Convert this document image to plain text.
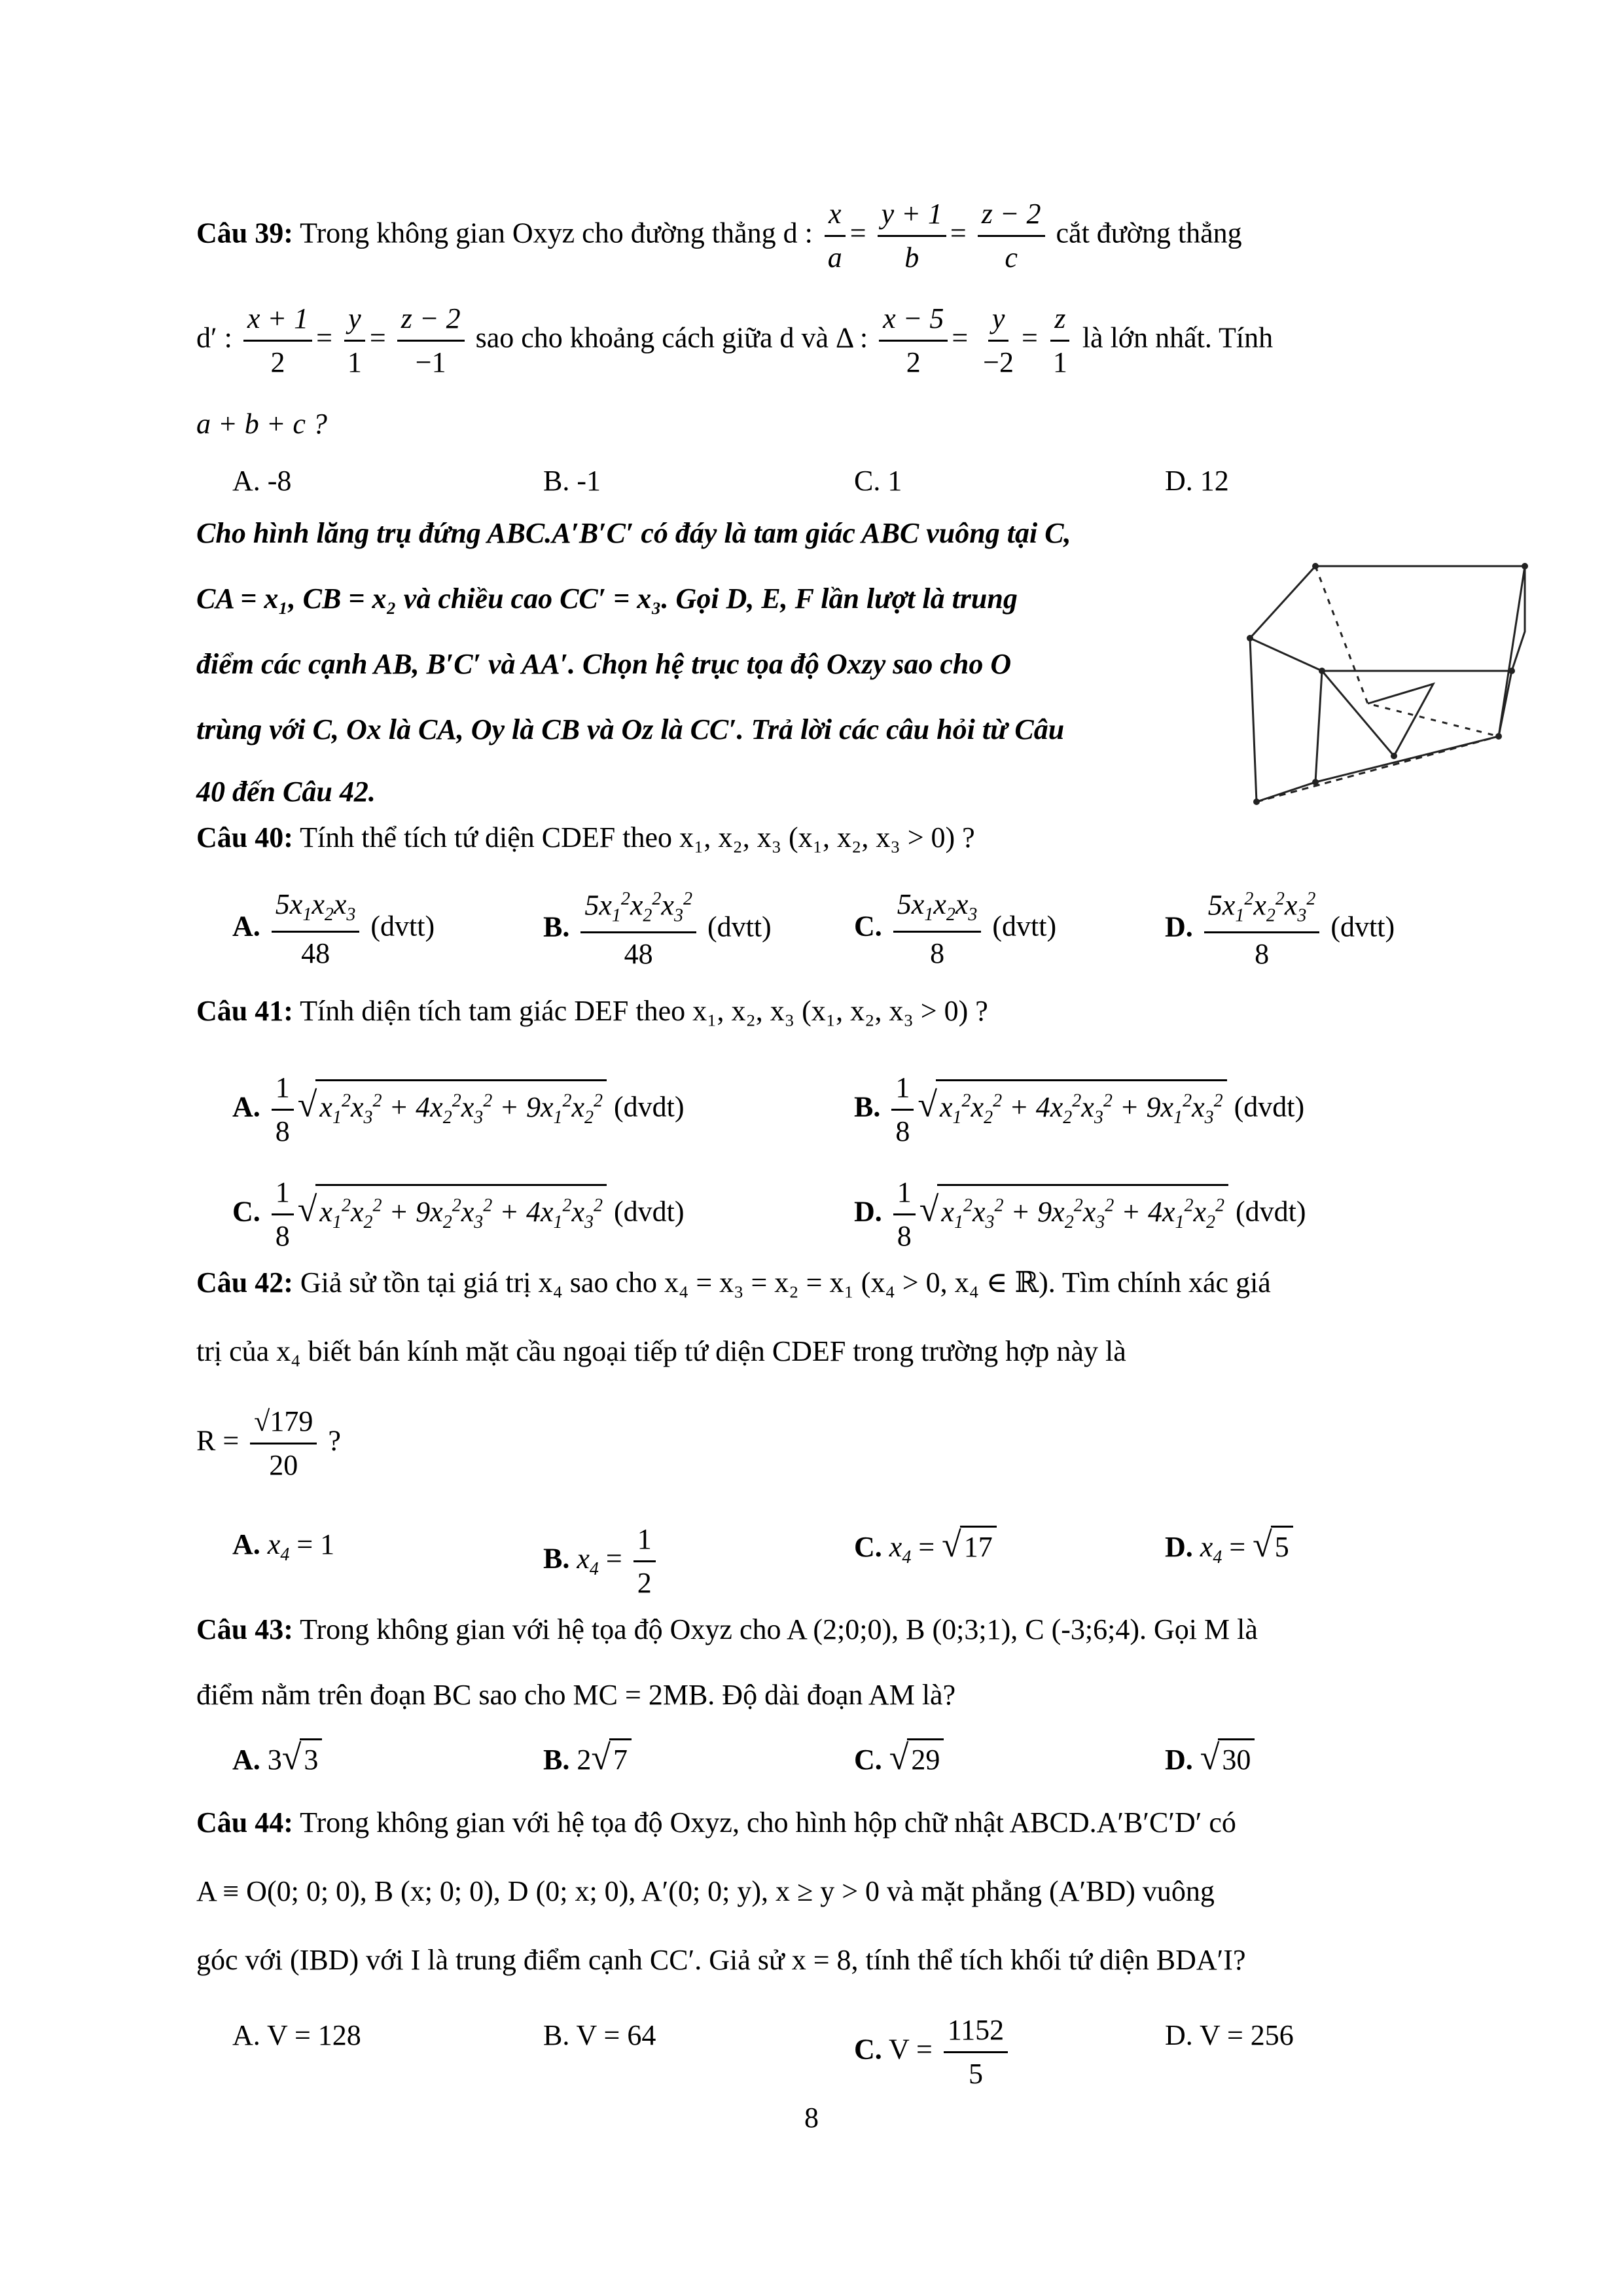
Câu 39: Trong không gian Oxyz cho đường thẳng d : $\frac{x}{a} = \frac{y + 1}{b} = \frac{z - 2}{c}$ cắt đường thẳng
d′ : $\frac{x + 1}{2} = \frac{y}{1} = \frac{z - 2}{-1}$ sao cho khoảng cách giữa d và Δ : $\frac{x - 5}{2} = \frac{y}{-2} = \frac{z}{1}$ là lớn nhất. Tính
a + b + c ?
A. -8	B. -1	C. 1	D. 12
Cho hình lăng trụ đứng ABC.A′B′C′ có đáy là tam giác ABC vuông tại C,
CA = x₁, CB = x₂ và chiều cao CC′ = x₃. Gọi D, E, F lần lượt là trung
điểm các cạnh AB, B′C′ và AA′. Chọn hệ trục tọa độ Oxzy sao cho O
trùng với C, Ox là CA, Oy là CB và Oz là CC′. Trả lời các câu hỏi từ Câu
40 đến Câu 42.
Câu 40: Tính thể tích tứ diện CDEF theo x₁, x₂, x₃ (x₁, x₂, x₃ > 0) ?
A. $\frac{5x_1x_2x_3}{48}$ (dvtt)	B. $\frac{5x_1^2x_2^2x_3^2}{48}$ (dvtt)	C. $\frac{5x_1x_2x_3}{8}$ (dvtt)	D. $\frac{5x_1^2x_2^2x_3^2}{8}$ (dvtt)
Câu 41: Tính diện tích tam giác DEF theo x₁, x₂, x₃ (x₁, x₂, x₃ > 0) ?
A. $\frac{1}{8} √x_1^2x_3^2 + 4x_2^2x_3^2 + 9x_1^2x_2^2$ (dvdt)	B. $\frac{1}{8} √x_1^2x_2^2 + 4x_2^2x_3^2 + 9x_1^2x_3^2$ (dvdt)
C. $\frac{1}{8} √x_1^2x_2^2 + 9x_2^2x_3^2 + 4x_1^2x_3^2$ (dvdt)	D. $\frac{1}{8} √x_1^2x_3^2 + 9x_2^2x_3^2 + 4x_1^2x_2^2$ (dvdt)
Câu 42: Giả sử tồn tại giá trị x₄ sao cho x₄ = x₃ = x₂ = x₁ (x₄ > 0, x₄ ∈ ℝ). Tìm chính xác giá
trị của x₄ biết bán kính mặt cầu ngoại tiếp tứ diện CDEF trong trường hợp này là
$R = \frac{√179}{20}$ ?
A. $x_4 = 1$	B. $x_4 = \frac{1}{2}$	C. $x_4 = √17$	D. $x_4 = √5$
Câu 43: Trong không gian với hệ tọa độ Oxyz cho A (2;0;0), B (0;3;1), C (-3;6;4). Gọi M là
điểm nằm trên đoạn BC sao cho MC = 2MB. Độ dài đoạn AM là?
A. 3√3	B. 2√7	C. √29	D. √30
Câu 44: Trong không gian với hệ tọa độ Oxyz, cho hình hộp chữ nhật ABCD.A′B′C′D′ có
A ≡ O(0; 0; 0), B (x; 0; 0), D (0; x; 0), A′(0; 0; y), x ≥ y > 0 và mặt phẳng (A′BD) vuông
góc với (IBD) với I là trung điểm cạnh CC′. Giả sử x = 8, tính thể tích khối tứ diện BDA′I?
A. V = 128	B. V = 64	C. $V = \frac{1152}{5}$	D. V = 256
8
